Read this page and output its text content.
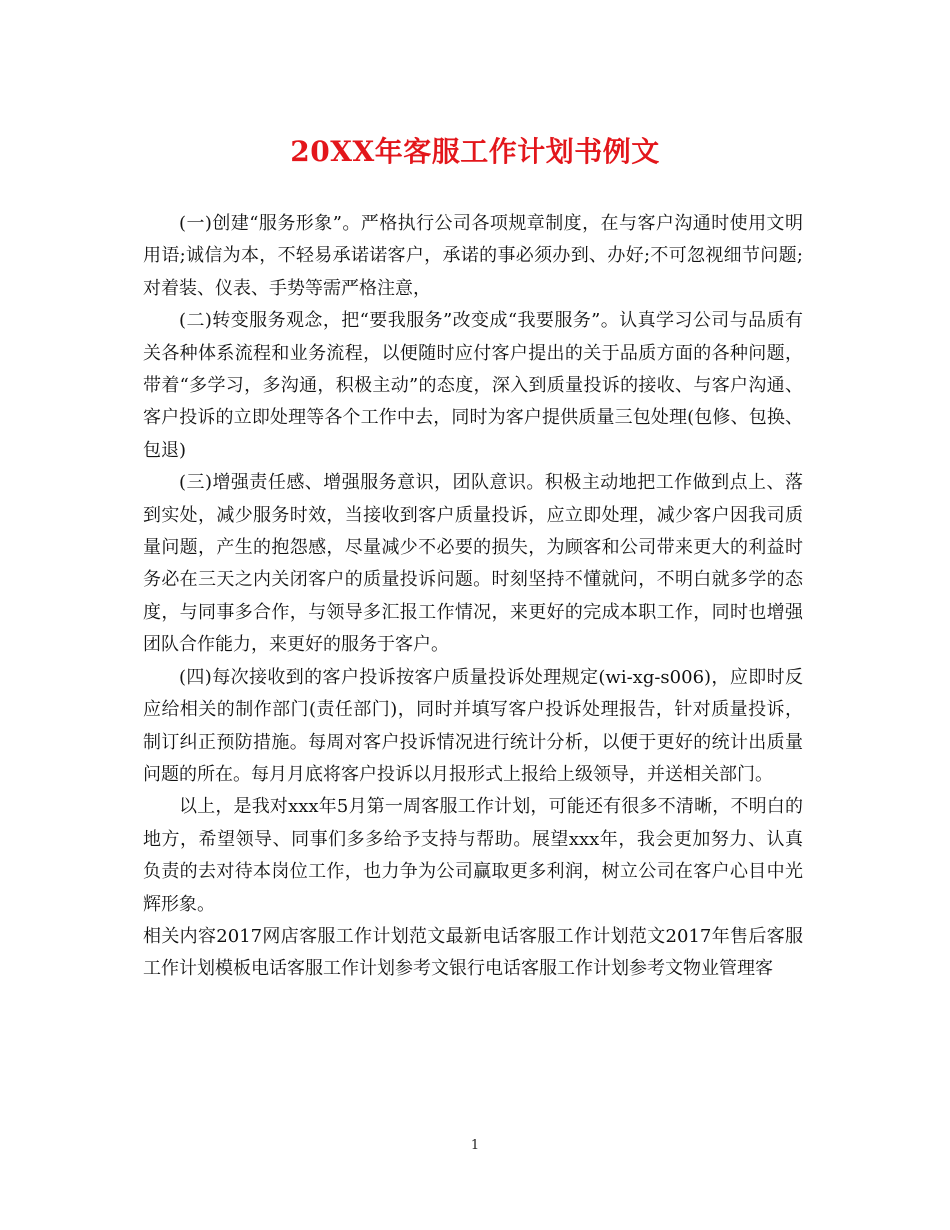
20XX年客服工作计划书例文

(一)创建“服务形象”。严格执行公司各项规章制度，在与客户沟通时使用文明用语;诚信为本，不轻易承诺诺客户，承诺的事必须办到、办好;不可忽视细节问题;对着装、仪表、手势等需严格注意，

(二)转变服务观念，把“要我服务”改变成“我要服务”。认真学习公司与品质有关各种体系流程和业务流程，以便随时应付客户提出的关于品质方面的各种问题，带着“多学习，多沟通，积极主动”的态度，深入到质量投诉的接收、与客户沟通、客户投诉的立即处理等各个工作中去，同时为客户提供质量三包处理(包修、包换、包退)

(三)增强责任感、增强服务意识，团队意识。积极主动地把工作做到点上、落到实处，减少服务时效，当接收到客户质量投诉，应立即处理，减少客户因我司质量问题，产生的抱怨感，尽量减少不必要的损失，为顾客和公司带来更大的利益时务必在三天之内关闭客户的质量投诉问题。时刻坚持不懂就问，不明白就多学的态度，与同事多合作，与领导多汇报工作情况，来更好的完成本职工作，同时也增强团队合作能力，来更好的服务于客户。

(四)每次接收到的客户投诉按客户质量投诉处理规定(wi-xg-s006)，应即时反应给相关的制作部门(责任部门)，同时并填写客户投诉处理报告，针对质量投诉，制订纠正预防措施。每周对客户投诉情况进行统计分析，以便于更好的统计出质量问题的所在。每月月底将客户投诉以月报形式上报给上级领导，并送相关部门。

以上，是我对xxx年5月第一周客服工作计划，可能还有很多不清晰，不明白的地方，希望领导、同事们多多给予支持与帮助。展望xxx年，我会更加努力、认真负责的去对待本岗位工作，也力争为公司赢取更多利润，树立公司在客户心目中光辉形象。

相关内容2017网店客服工作计划范文最新电话客服工作计划范文2017年售后客服工作计划模板电话客服工作计划参考文银行电话客服工作计划参考文物业管理客

1
